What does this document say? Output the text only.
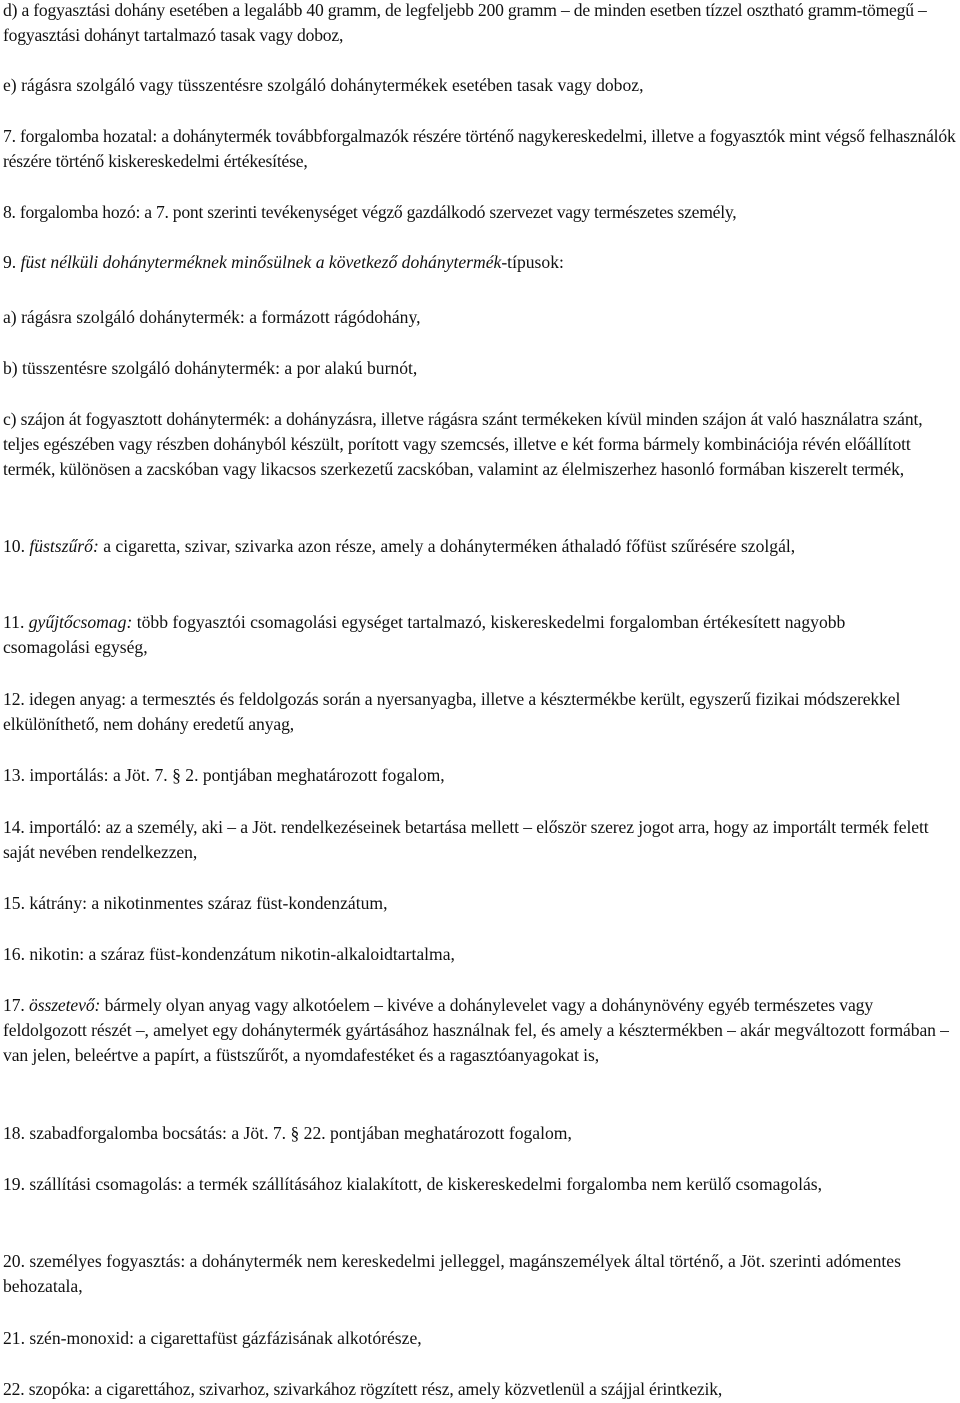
d) a fogyasztási dohány esetében a legalább 40 gramm, de legfeljebb 200 gramm – de minden esetben tízzel osztható gramm-tömegű – fogyasztási dohányt tartalmazó tasak vagy doboz,

e) rágásra szolgáló vagy tüsszentésre szolgáló dohánytermékek esetében tasak vagy doboz,

7. forgalomba hozatal: a dohánytermék továbbforgalmazók részére történő nagykereskedelmi, illetve a fogyasztók mint végső felhasználók részére történő kiskereskedelmi értékesítése,

8. forgalomba hozó: a 7. pont szerinti tevékenységet végző gazdálkodó szervezet vagy természetes személy,

9. füst nélküli dohányterméknek minősülnek a következő dohánytermék-típusok:

a) rágásra szolgáló dohánytermék: a formázott rágódohány,

b) tüsszentésre szolgáló dohánytermék: a por alakú burnót,

c) szájon át fogyasztott dohánytermék: a dohányzásra, illetve rágásra szánt termékeken kívül minden szájon át való használatra szánt, teljes egészében vagy részben dohányból készült, porított vagy szemcsés, illetve e két forma bármely kombinációja révén előállított termék, különösen a zacskóban vagy likacsos szerkezetű zacskóban, valamint az élelmiszerhez hasonló formában kiszerelt termék,

10. füstszűrő: a cigaretta, szivar, szivarka azon része, amely a dohányterméken áthaladó főfüst szűrésére szolgál,

11. gyűjtőcsomag: több fogyasztói csomagolási egységet tartalmazó, kiskereskedelmi forgalomban értékesített nagyobb csomagolási egység,

12. idegen anyag: a termesztés és feldolgozás során a nyersanyagba, illetve a késztermékbe került, egyszerű fizikai módszerekkel elkülöníthető, nem dohány eredetű anyag,

13. importálás: a Jöt. 7. § 2. pontjában meghatározott fogalom,

14. importáló: az a személy, aki – a Jöt. rendelkezéseinek betartása mellett – először szerez jogot arra, hogy az importált termék felett saját nevében rendelkezzen,

15. kátrány: a nikotinmentes száraz füst-kondenzátum,

16. nikotin: a száraz füst-kondenzátum nikotin-alkaloidtartalma,

17. összetevő: bármely olyan anyag vagy alkotóelem – kivéve a dohánylevelet vagy a dohánynövény egyéb természetes vagy feldolgozott részét –, amelyet egy dohánytermék gyártásához használnak fel, és amely a késztermékben – akár megváltozott formában – van jelen, beleértve a papírt, a füstszűrőt, a nyomdafestéket és a ragasztóanyagokat is,

18. szabadforgalomba bocsátás: a Jöt. 7. § 22. pontjában meghatározott fogalom,

19. szállítási csomagolás: a termék szállításához kialakított, de kiskereskedelmi forgalomba nem kerülő csomagolás,

20. személyes fogyasztás: a dohánytermék nem kereskedelmi jelleggel, magánszemélyek által történő, a Jöt. szerinti adómentes behozatala,

21. szén-monoxid: a cigarettafüst gázfázisának alkotórésze,

22. szopóka: a cigarettához, szivarhoz, szivarkához rögzített rész, amely közvetlenül a szájjal érintkezik,
